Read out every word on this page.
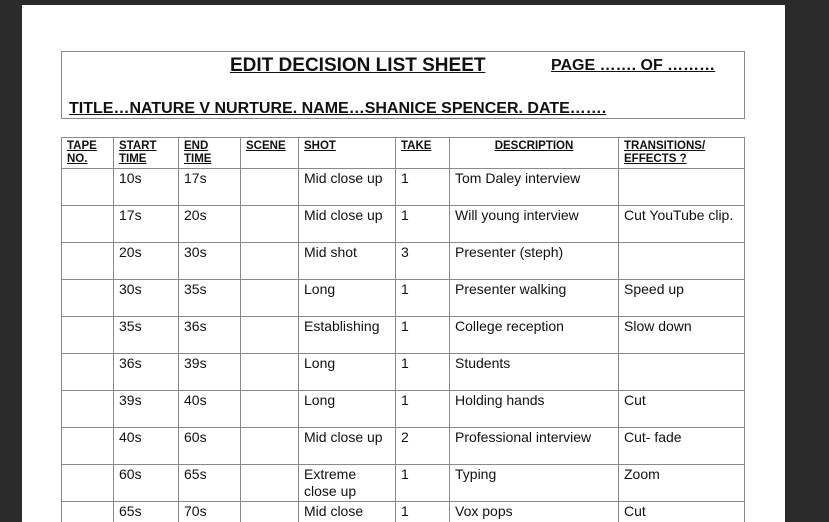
EDIT DECISION LIST SHEET	PAGE ……. OF ………
TITLE…NATURE V NURTURE. NAME…SHANICE SPENCER. DATE…….
TAPE NO.	START TIME	END TIME	SCENE	SHOT	TAKE	DESCRIPTION	TRANSITIONS/ EFFECTS ?
	10s	17s		Mid close up	1	Tom Daley interview	
	17s	20s		Mid close up	1	Will young interview	Cut YouTube clip.
	20s	30s		Mid shot	3	Presenter (steph)	
	30s	35s		Long	1	Presenter walking	Speed up
	35s	36s		Establishing	1	College reception	Slow down
	36s	39s		Long	1	Students	
	39s	40s		Long	1	Holding hands	Cut
	40s	60s		Mid close up	2	Professional interview	Cut- fade
	60s	65s		Extreme close up	1	Typing	Zoom
	65s	70s		Mid close	1	Vox pops	Cut
